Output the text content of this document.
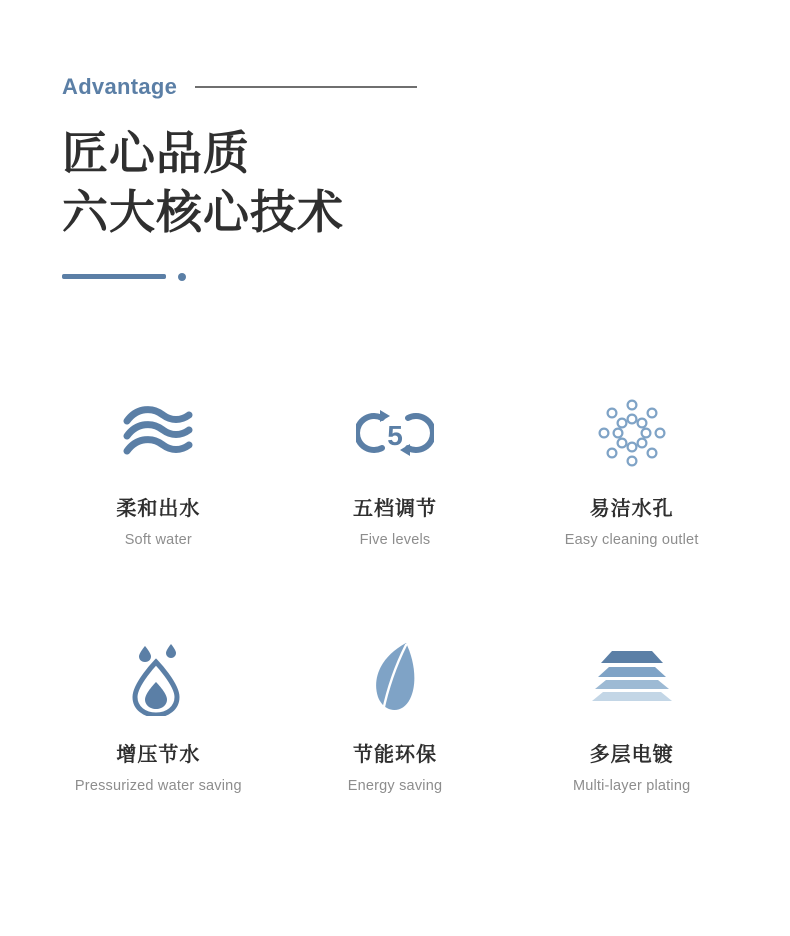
Advantage
匠心品质
六大核心技术
柔和出水
Soft water
5
五档调节
Five levels
易洁水孔
Easy cleaning outlet
增压节水
Pressurized water saving
节能环保
Energy saving
多层电镀
Multi-layer plating
